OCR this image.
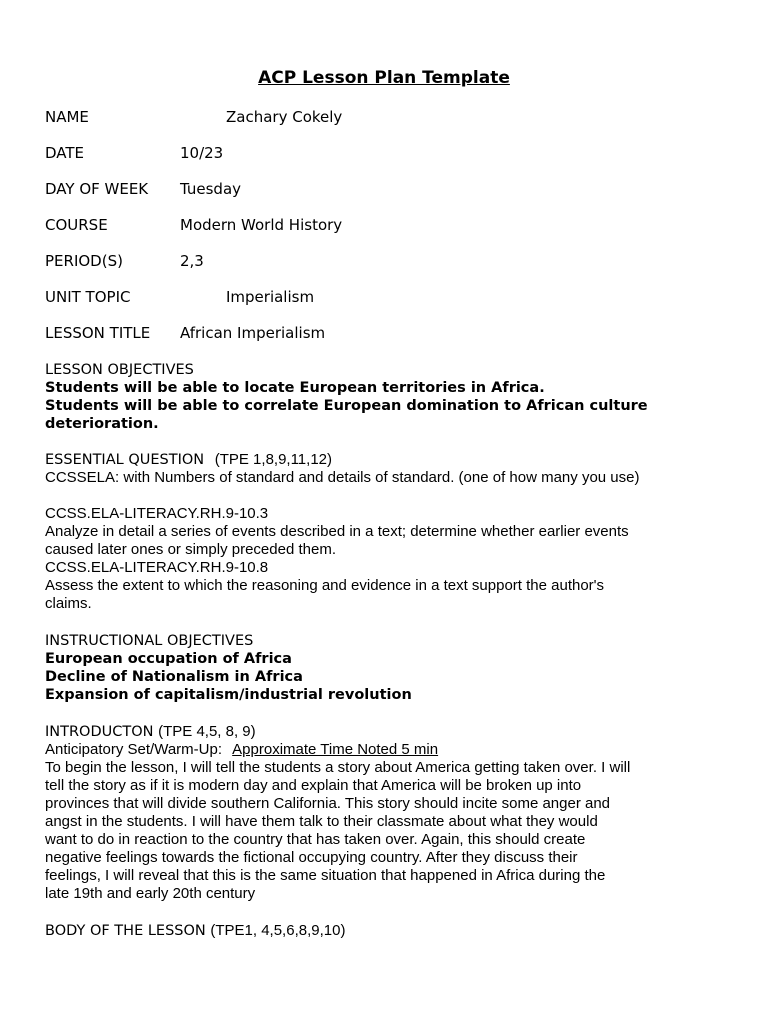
ACP Lesson Plan Template
NAME	Zachary Cokely
DATE	10/23
DAY OF WEEK Tuesday
COURSE	Modern World History
PERIOD(S)	2,3
UNIT TOPIC	Imperialism
LESSON TITLE African Imperialism
LESSON OBJECTIVES
Students will be able to locate European territories in Africa.
Students will be able to correlate European domination to African culture
deterioration.
ESSENTIAL QUESTION (TPE 1,8,9,11,12)
CCSSELA: with Numbers of standard and details of standard. (one of how many you use)
CCSS.ELA-LITERACY.RH.9-10.3
Analyze in detail a series of events described in a text; determine whether earlier events
caused later ones or simply preceded them.
CCSS.ELA-LITERACY.RH.9-10.8
Assess the extent to which the reasoning and evidence in a text support the author's
claims.
INSTRUCTIONAL OBJECTIVES
European occupation of Africa
Decline of Nationalism in Africa
Expansion of capitalism/industrial revolution
INTRODUCTON (TPE 4,5, 8, 9)
Anticipatory Set/Warm-Up: Approximate Time Noted 5 min
To begin the lesson, I will tell the students a story about America getting taken over. I will
tell the story as if it is modern day and explain that America will be broken up into
provinces that will divide southern California. This story should incite some anger and
angst in the students. I will have them talk to their classmate about what they would
want to do in reaction to the country that has taken over. Again, this should create
negative feelings towards the fictional occupying country. After they discuss their
feelings, I will reveal that this is the same situation that happened in Africa during the
late 19th and early 20th century
BODY OF THE LESSON (TPE1, 4,5,6,8,9,10)
